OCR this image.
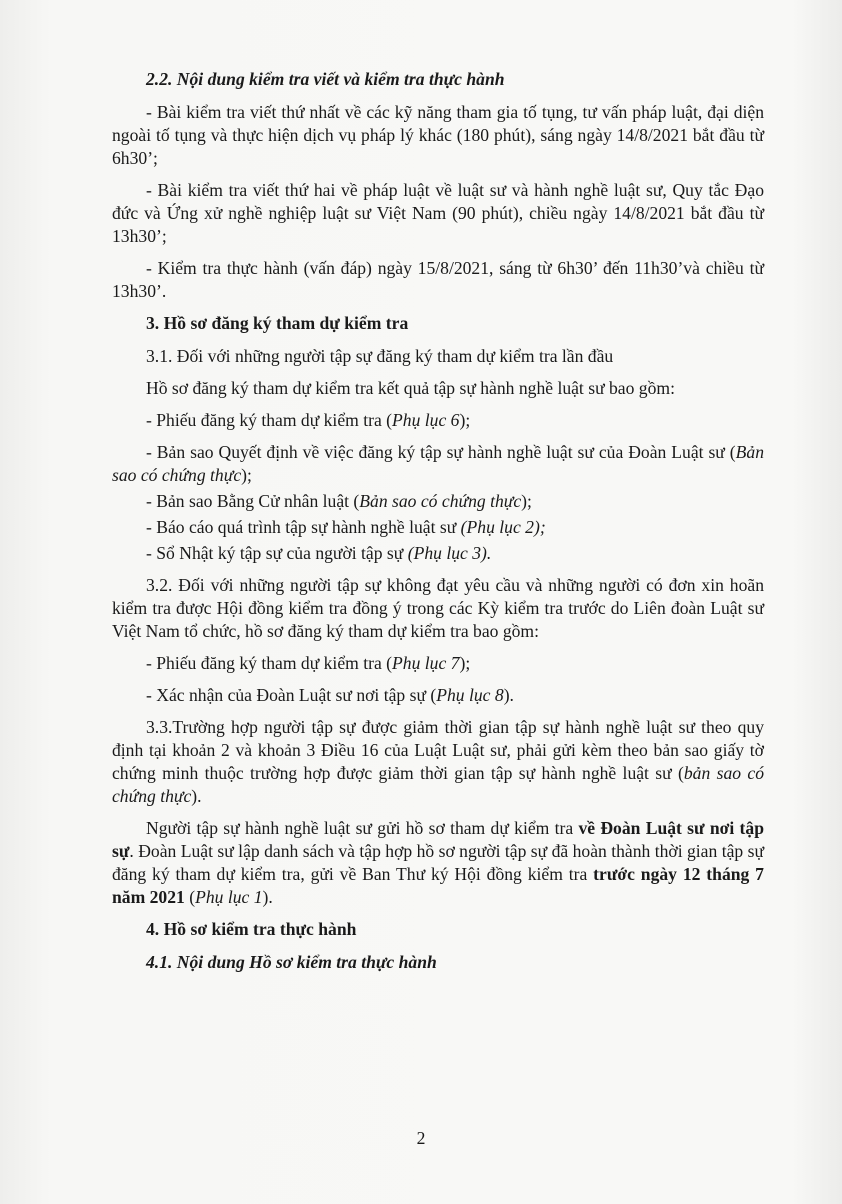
2.2. Nội dung kiểm tra viết và kiểm tra thực hành

- Bài kiểm tra viết thứ nhất về các kỹ năng tham gia tố tụng, tư vấn pháp luật, đại diện ngoài tố tụng và thực hiện dịch vụ pháp lý khác (180 phút), sáng ngày 14/8/2021 bắt đầu từ 6h30’;

- Bài kiểm tra viết thứ hai về pháp luật về luật sư và hành nghề luật sư, Quy tắc Đạo đức và Ứng xử nghề nghiệp luật sư Việt Nam (90 phút), chiều ngày 14/8/2021 bắt đầu từ 13h30’;

- Kiểm tra thực hành (vấn đáp) ngày 15/8/2021, sáng từ 6h30’ đến 11h30’và chiều từ 13h30’.

3. Hồ sơ đăng ký tham dự kiểm tra

3.1. Đối với những người tập sự đăng ký tham dự kiểm tra lần đầu

Hồ sơ đăng ký tham dự kiểm tra kết quả tập sự hành nghề luật sư bao gồm:

- Phiếu đăng ký tham dự kiểm tra (Phụ lục 6);

- Bản sao Quyết định về việc đăng ký tập sự hành nghề luật sư của Đoàn Luật sư (Bản sao có chứng thực);

- Bản sao Bằng Cử nhân luật (Bản sao có chứng thực);

- Báo cáo quá trình tập sự hành nghề luật sư (Phụ lục 2);

- Sổ Nhật ký tập sự của người tập sự (Phụ lục 3).

3.2. Đối với những người tập sự không đạt yêu cầu và những người có đơn xin hoãn kiểm tra được Hội đồng kiểm tra đồng ý trong các Kỳ kiểm tra trước do Liên đoàn Luật sư Việt Nam tổ chức, hồ sơ đăng ký tham dự kiểm tra bao gồm:

- Phiếu đăng ký tham dự kiểm tra (Phụ lục 7);

- Xác nhận của Đoàn Luật sư nơi tập sự (Phụ lục 8).

3.3.Trường hợp người tập sự được giảm thời gian tập sự hành nghề luật sư theo quy định tại khoản 2 và khoản 3 Điều 16 của Luật Luật sư, phải gửi kèm theo bản sao giấy tờ chứng minh thuộc trường hợp được giảm thời gian tập sự hành nghề luật sư (bản sao có chứng thực).

Người tập sự hành nghề luật sư gửi hồ sơ tham dự kiểm tra về Đoàn Luật sư nơi tập sự. Đoàn Luật sư lập danh sách và tập hợp hồ sơ người tập sự đã hoàn thành thời gian tập sự đăng ký tham dự kiểm tra, gửi về Ban Thư ký Hội đồng kiểm tra trước ngày 12 tháng 7 năm 2021 (Phụ lục 1).

4. Hồ sơ kiểm tra thực hành
4.1. Nội dung Hồ sơ kiểm tra thực hành
2
